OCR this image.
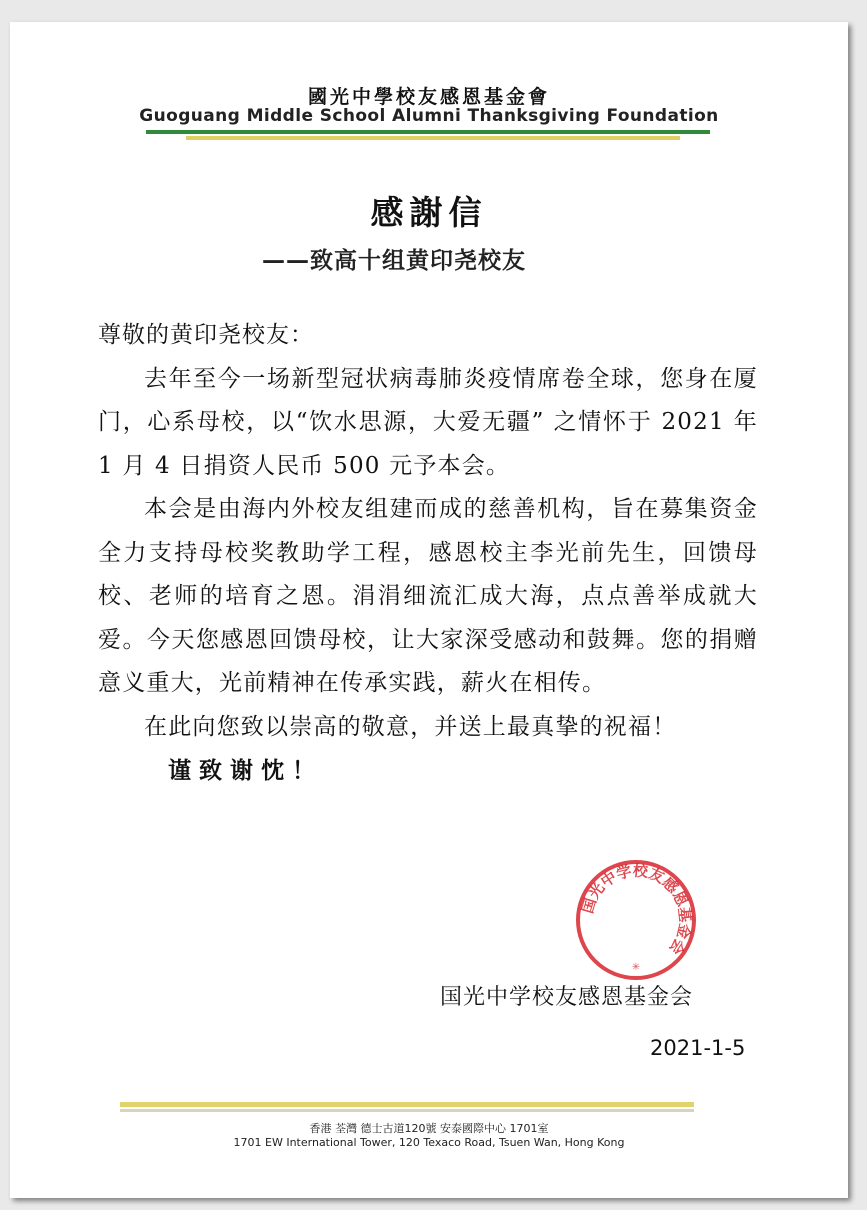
國光中學校友感恩基金會
Guoguang Middle School Alumni Thanksgiving Foundation
感謝信
——致高十组黄印尧校友

尊敬的黄印尧校友：

去年至今一场新型冠状病毒肺炎疫情席卷全球，您身在厦门，心系母校，以“饮水思源，大爱无疆” 之情怀于 2021 年 1 月 4 日捐资人民币 500 元予本会。

本会是由海内外校友组建而成的慈善机构，旨在募集资金全力支持母校奖教助学工程，感恩校主李光前先生，回馈母校、老师的培育之恩。涓涓细流汇成大海，点点善举成就大爱。今天您感恩回馈母校，让大家深受感动和鼓舞。您的捐赠意义重大，光前精神在传承实践，薪火在相传。

在此向您致以崇高的敬意，并送上最真挚的祝福！

谨致谢忱！

国光中学校友感恩基金会
✳
国光中学校友感恩基金会
2021-1-5
香港 荃灣 德士古道120號 安泰國際中心 1701室
1701 EW International Tower, 120 Texaco Road, Tsuen Wan, Hong Kong
